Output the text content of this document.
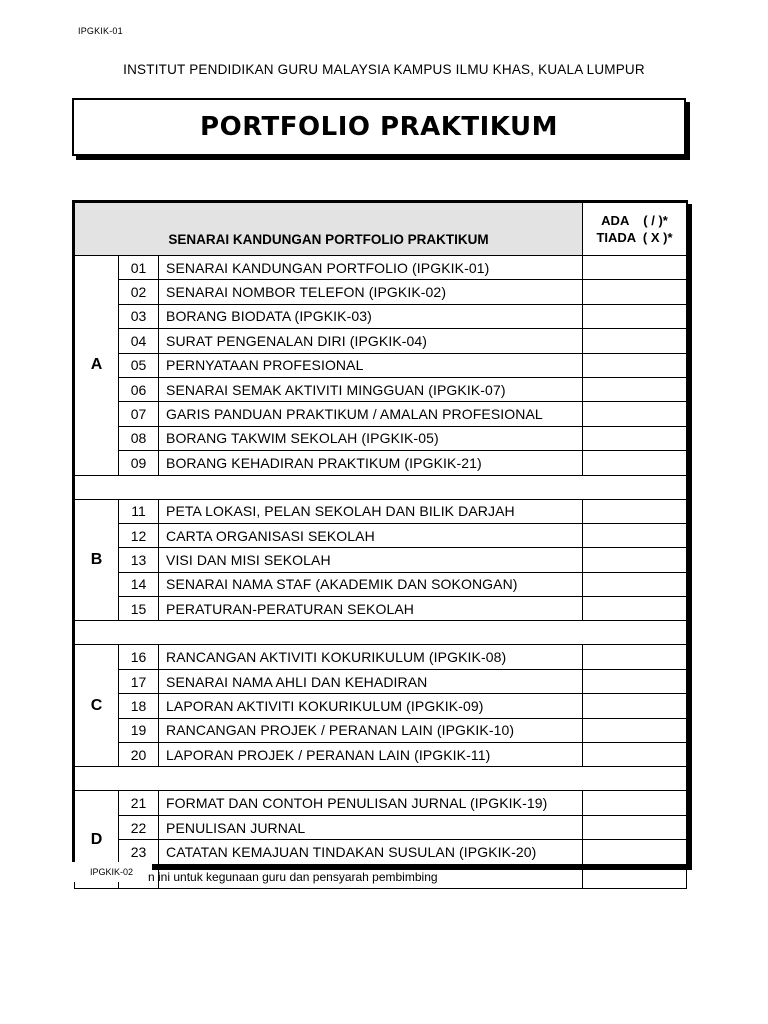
IPGKIK-01
INSTITUT PENDIDIKAN GURU MALAYSIA KAMPUS ILMU KHAS, KUALA LUMPUR
PORTFOLIO PRAKTIKUM
SENARAI KANDUNGAN PORTFOLIO PRAKTIKUM			ADA    ( / )*
TIADA  ( X )*

A	01	SENARAI KANDUNGAN PORTFOLIO (IPGKIK-01)	
	02	SENARAI NOMBOR TELEFON (IPGKIK-02)	
	03	BORANG BIODATA (IPGKIK-03)	
	04	SURAT PENGENALAN DIRI (IPGKIK-04)	
	05	PERNYATAAN PROFESIONAL	
	06	SENARAI SEMAK AKTIVITI MINGGUAN (IPGKIK-07)	
	07	GARIS PANDUAN PRAKTIKUM / AMALAN PROFESIONAL	
	08	BORANG TAKWIM SEKOLAH (IPGKIK-05)	
	09	BORANG KEHADIRAN PRAKTIKUM (IPGKIK-21)	

B	11	PETA LOKASI, PELAN SEKOLAH DAN BILIK DARJAH	
	12	CARTA ORGANISASI SEKOLAH	
	13	VISI DAN MISI SEKOLAH	
	14	SENARAI NAMA STAF (AKADEMIK DAN SOKONGAN)	
	15	PERATURAN-PERATURAN SEKOLAH	

C	16	RANCANGAN AKTIVITI KOKURIKULUM (IPGKIK-08)	
	17	SENARAI NAMA AHLI DAN KEHADIRAN	
	18	LAPORAN AKTIVITI KOKURIKULUM (IPGKIK-09)	
	19	RANCANGAN PROJEK / PERANAN LAIN (IPGKIK-10)	
	20	LAPORAN PROJEK / PERANAN LAIN (IPGKIK-11)	

D	21	FORMAT DAN CONTOH PENULISAN JURNAL (IPGKIK-19)	
	22	PENULISAN JURNAL	
	23	CATATAN KEMAJUAN TINDAKAN SUSULAN (IPGKIK-20)	

IPGKIK-02	n ini untuk kegunaan guru dan pensyarah pembimbing
